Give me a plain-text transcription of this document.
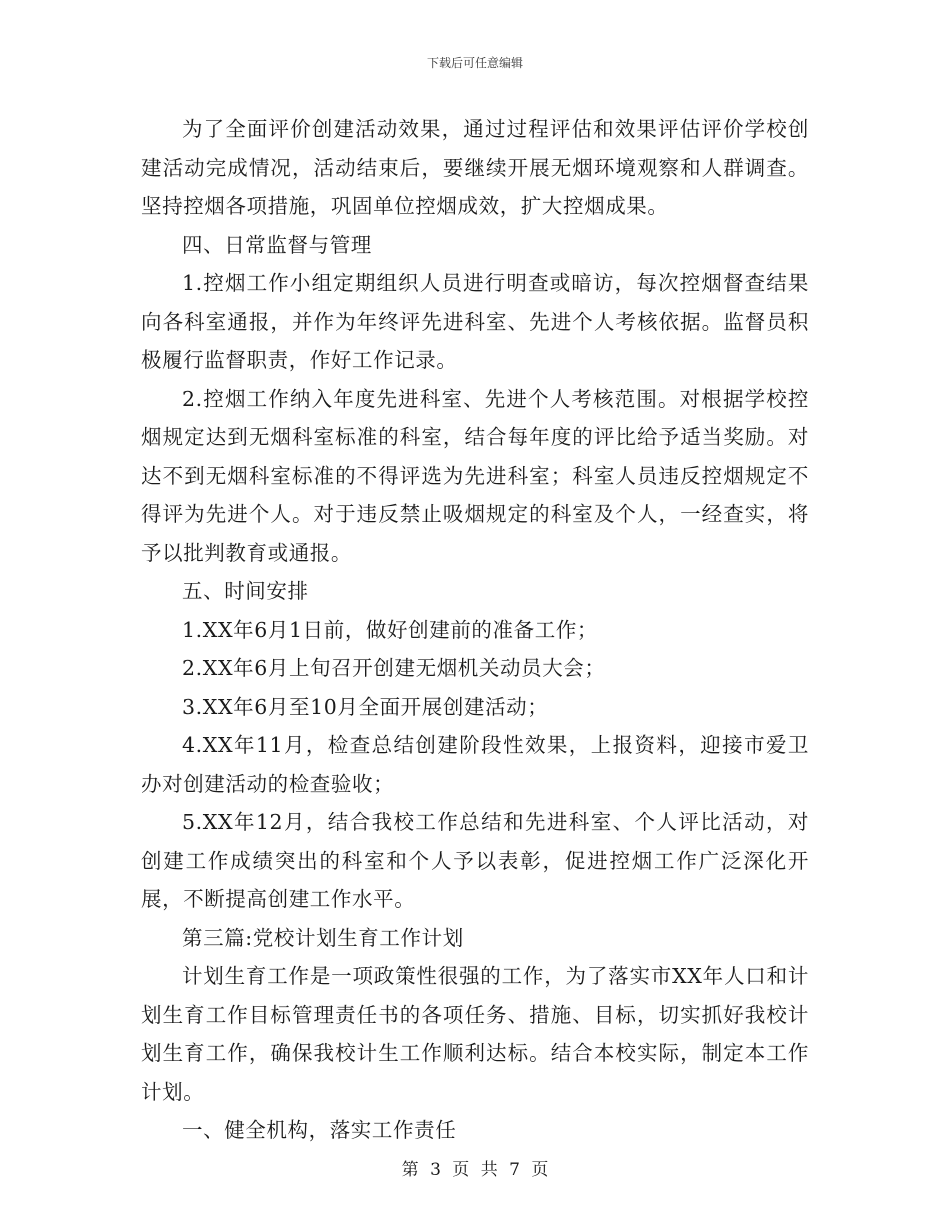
下载后可任意编辑

为了全面评价创建活动效果，通过过程评估和效果评估评价学校创建活动完成情况，活动结束后，要继续开展无烟环境观察和人群调查。坚持控烟各项措施，巩固单位控烟成效，扩大控烟成果。

四、日常监督与管理

1.控烟工作小组定期组织人员进行明查或暗访，每次控烟督查结果向各科室通报，并作为年终评先进科室、先进个人考核依据。监督员积极履行监督职责，作好工作记录。

2.控烟工作纳入年度先进科室、先进个人考核范围。对根据学校控烟规定达到无烟科室标准的科室，结合每年度的评比给予适当奖励。对达不到无烟科室标准的不得评选为先进科室；科室人员违反控烟规定不得评为先进个人。对于违反禁止吸烟规定的科室及个人，一经查实，将予以批判教育或通报。

五、时间安排

1.XX年6月1日前，做好创建前的准备工作；

2.XX年6月上旬召开创建无烟机关动员大会；

3.XX年6月至10月全面开展创建活动；

4.XX年11月，检查总结创建阶段性效果，上报资料，迎接市爱卫办对创建活动的检查验收；

5.XX年12月，结合我校工作总结和先进科室、个人评比活动，对创建工作成绩突出的科室和个人予以表彰，促进控烟工作广泛深化开展，不断提高创建工作水平。

第三篇:党校计划生育工作计划

计划生育工作是一项政策性很强的工作，为了落实市XX年人口和计划生育工作目标管理责任书的各项任务、措施、目标，切实抓好我校计划生育工作，确保我校计生工作顺利达标。结合本校实际，制定本工作计划。

一、健全机构，落实工作责任

第 3 页 共 7 页
